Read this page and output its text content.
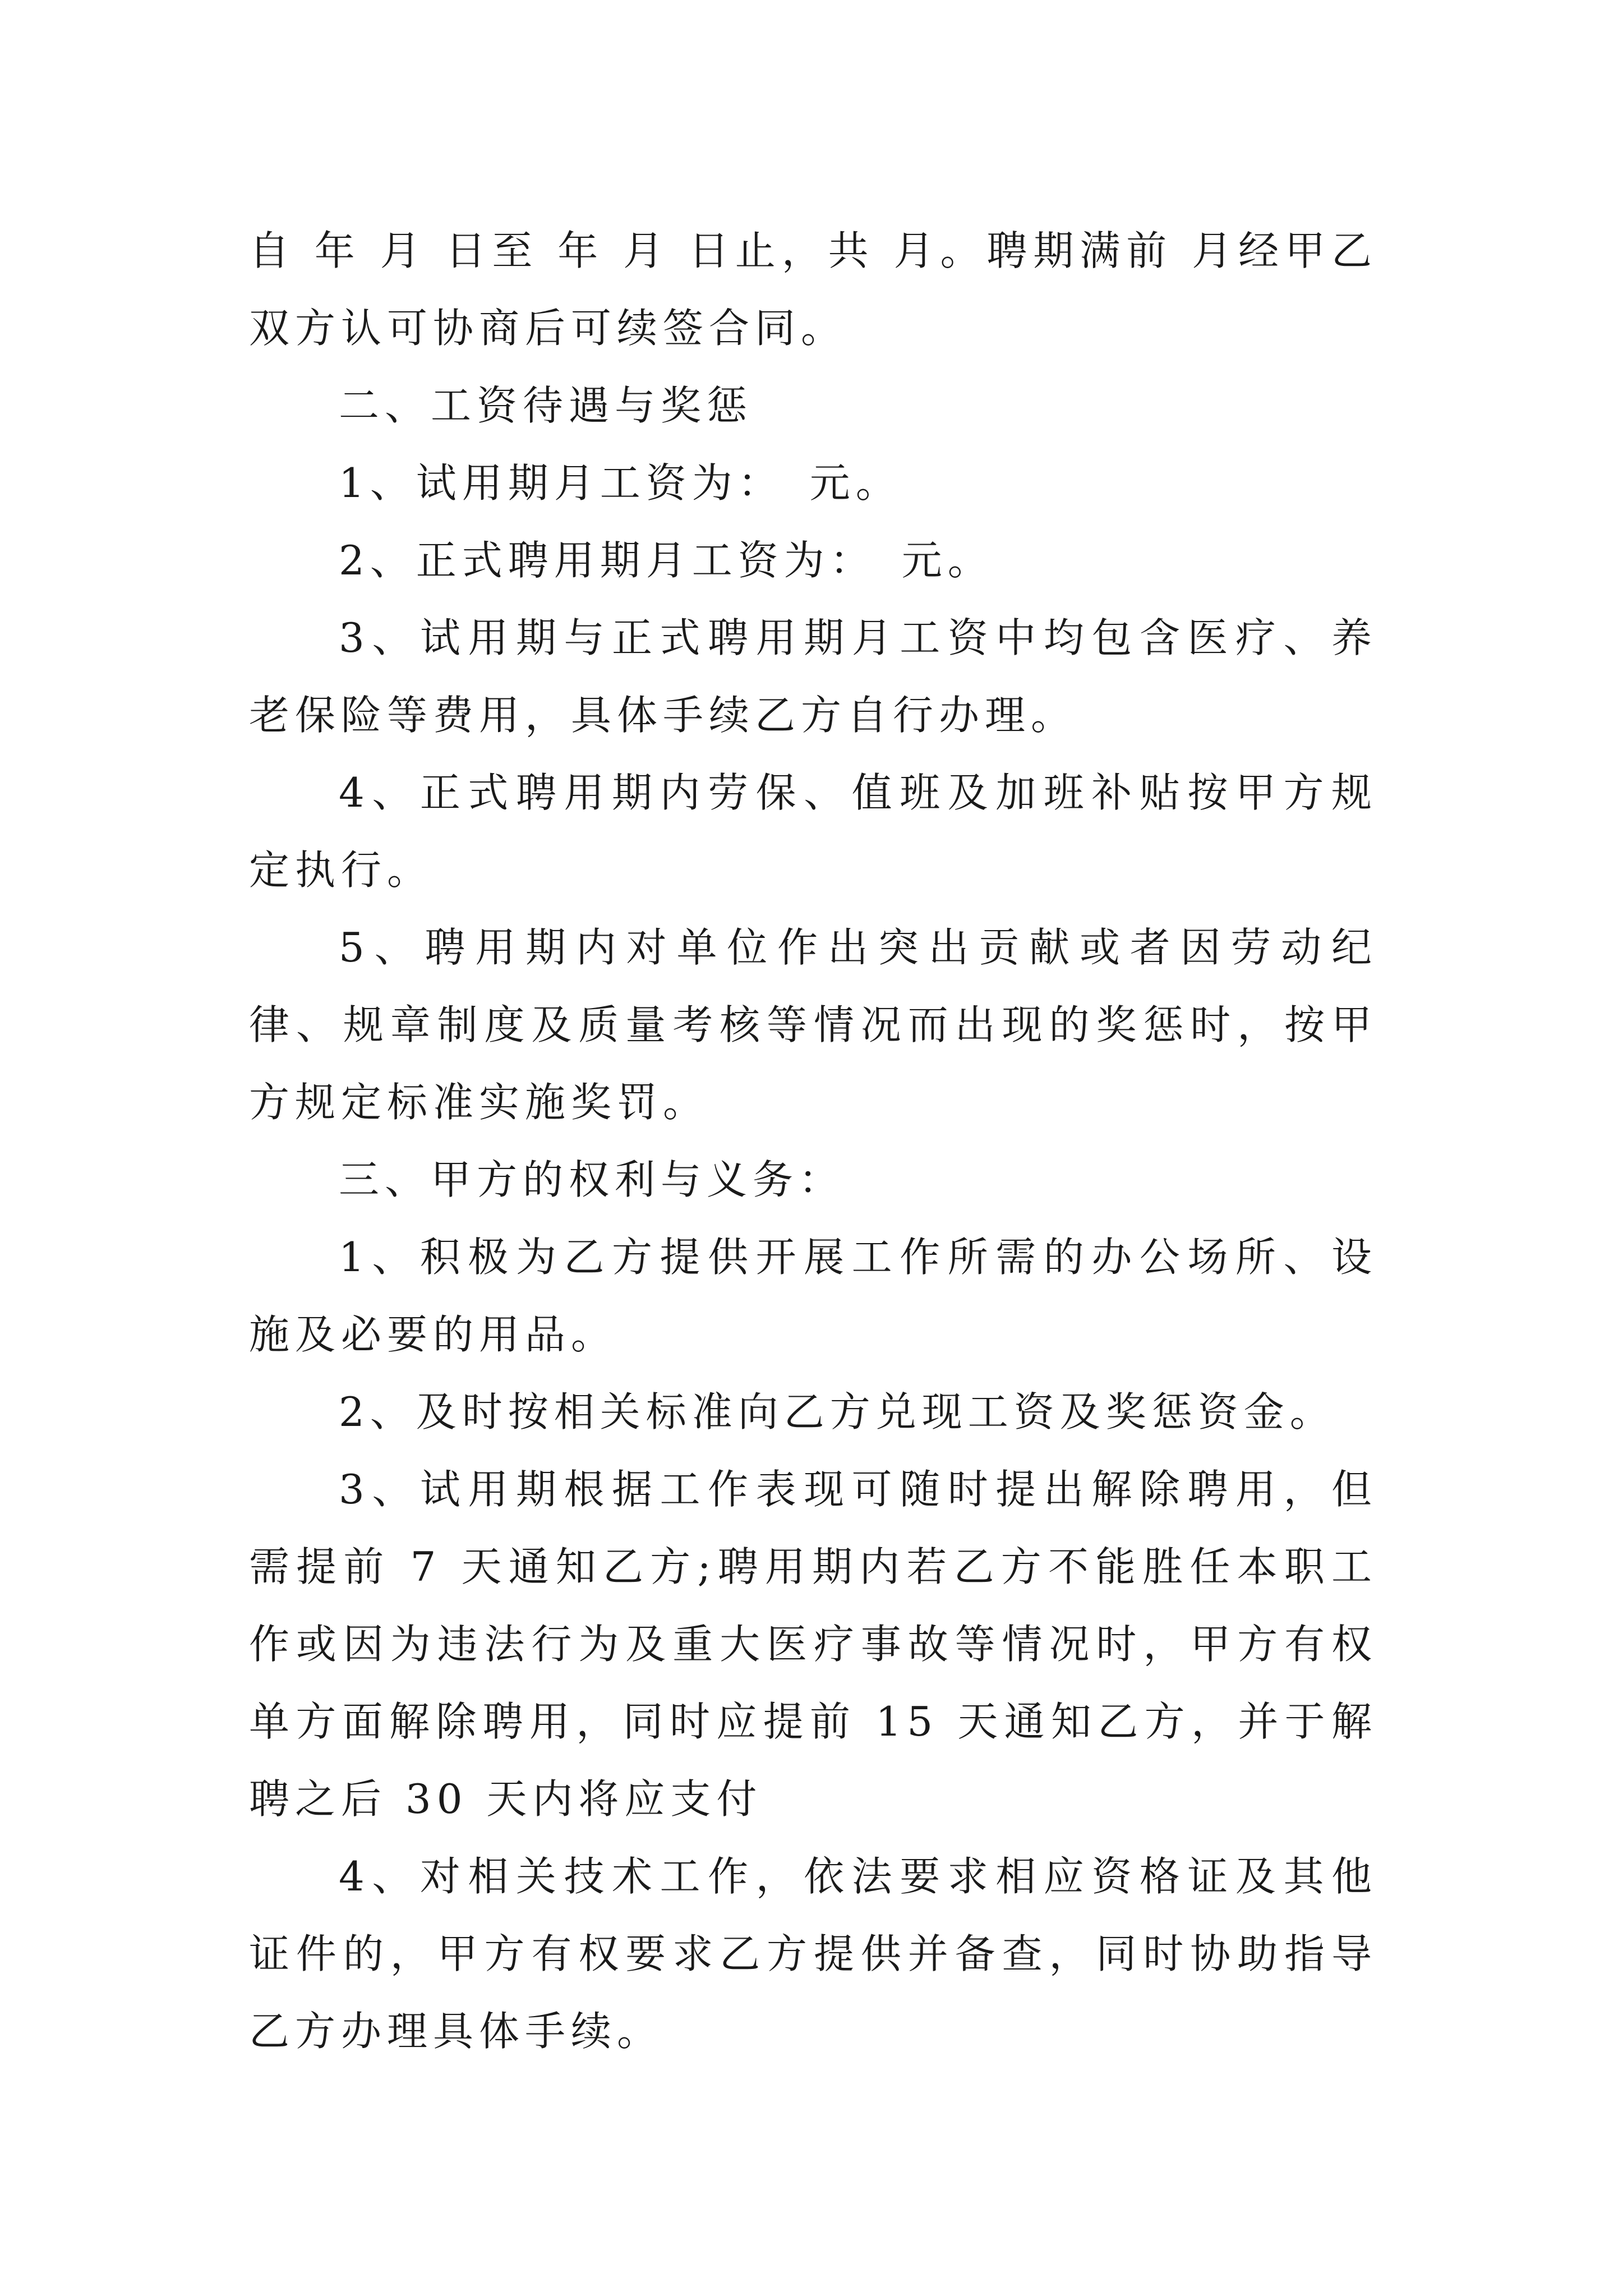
自 年 月 日至 年 月 日止，共 月。聘期满前 月经甲乙双方认可协商后可续签合同。

二、工资待遇与奖惩

1、试用期月工资为：　元。

2、正式聘用期月工资为：　元。

3、试用期与正式聘用期月工资中均包含医疗、养老保险等费用，具体手续乙方自行办理。

4、正式聘用期内劳保、值班及加班补贴按甲方规定执行。

5、聘用期内对单位作出突出贡献或者因劳动纪律、规章制度及质量考核等情况而出现的奖惩时，按甲方规定标准实施奖罚。

三、甲方的权利与义务：

1、积极为乙方提供开展工作所需的办公场所、设施及必要的用品。

2、及时按相关标准向乙方兑现工资及奖惩资金。

3、试用期根据工作表现可随时提出解除聘用，但需提前 7 天通知乙方;聘用期内若乙方不能胜任本职工作或因为违法行为及重大医疗事故等情况时，甲方有权单方面解除聘用，同时应提前 15 天通知乙方，并于解聘之后 30 天内将应支付

4、对相关技术工作，依法要求相应资格证及其他证件的，甲方有权要求乙方提供并备查，同时协助指导乙方办理具体手续。
